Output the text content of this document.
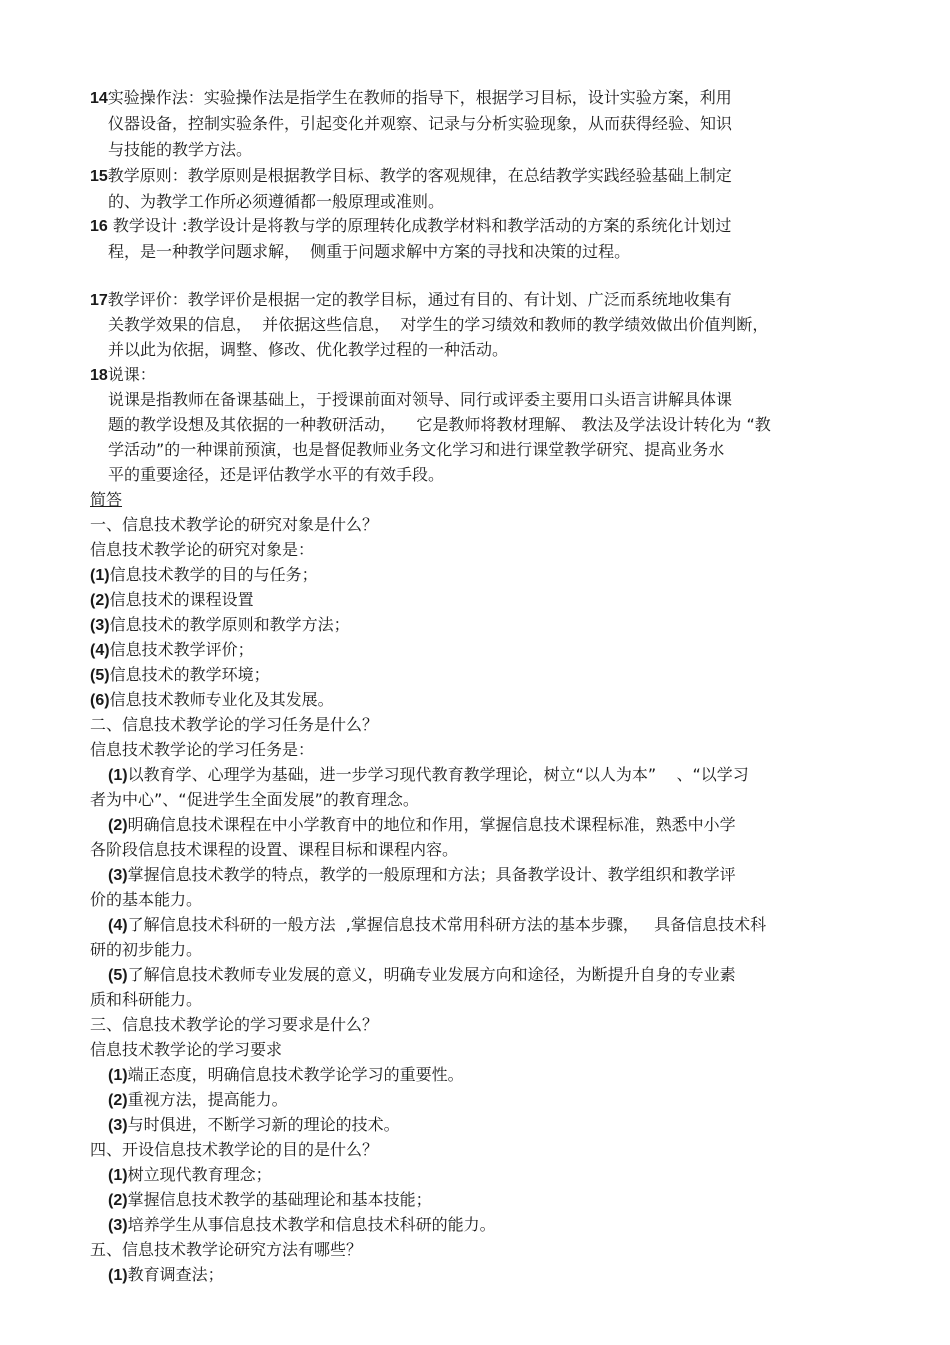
14实验操作法：实验操作法是指学生在教师的指导下，根据学习目标，设计实验方案，利用
仪器设备，控制实验条件，引起变化并观察、记录与分析实验现象，从而获得经验、知识
与技能的教学方法。
15教学原则：教学原则是根据教学目标、教学的客观规律，在总结教学实践经验基础上制定
的、为教学工作所必须遵循都一般原理或准则。
16 教学设计 :教学设计是将教与学的原理转化成教学材料和教学活动的方案的系统化计划过
程，是一种教学问题求解，  侧重于问题求解中方案的寻找和决策的过程。
17教学评价：教学评价是根据一定的教学目标，通过有目的、有计划、广泛而系统地收集有
关教学效果的信息，  并依据这些信息，  对学生的学习绩效和教师的教学绩效做出价值判断，
并以此为依据，调整、修改、优化教学过程的一种活动。
18说课：
说课是指教师在备课基础上，于授课前面对领导、同行或评委主要用口头语言讲解具体课
题的教学设想及其依据的一种教研活动，    它是教师将教材理解、 教法及学法设计转化为 “教
学活动”的一种课前预演，也是督促教师业务文化学习和进行课堂教学研究、提高业务水
平的重要途径，还是评估教学水平的有效手段。
简答
一、信息技术教学论的研究对象是什么？
信息技术教学论的研究对象是：
(1)信息技术教学的目的与任务；
(2)信息技术的课程设置
(3)信息技术的教学原则和教学方法；
(4)信息技术教学评价；
(5)信息技术的教学环境；
(6)信息技术教师专业化及其发展。
二、信息技术教学论的学习任务是什么？
信息技术教学论的学习任务是：
(1)以教育学、心理学为基础，进一步学习现代教育教学理论，树立“以人为本”    、“以学习
者为中心”、“促进学生全面发展”的教育理念。
(2)明确信息技术课程在中小学教育中的地位和作用，掌握信息技术课程标准，熟悉中小学
各阶段信息技术课程的设置、课程目标和课程内容。
(3)掌握信息技术教学的特点，教学的一般原理和方法；具备教学设计、教学组织和教学评
价的基本能力。
(4)了解信息技术科研的一般方法  ,掌握信息技术常用科研方法的基本步骤，   具备信息技术科
研的初步能力。
(5)了解信息技术教师专业发展的意义，明确专业发展方向和途径，为断提升自身的专业素
质和科研能力。
三、信息技术教学论的学习要求是什么？
信息技术教学论的学习要求
(1)端正态度，明确信息技术教学论学习的重要性。
(2)重视方法，提高能力。
(3)与时俱进，不断学习新的理论的技术。
四、开设信息技术教学论的目的是什么？
(1)树立现代教育理念；
(2)掌握信息技术教学的基础理论和基本技能；
(3)培养学生从事信息技术教学和信息技术科研的能力。
五、信息技术教学论研究方法有哪些？
(1)教育调查法；
